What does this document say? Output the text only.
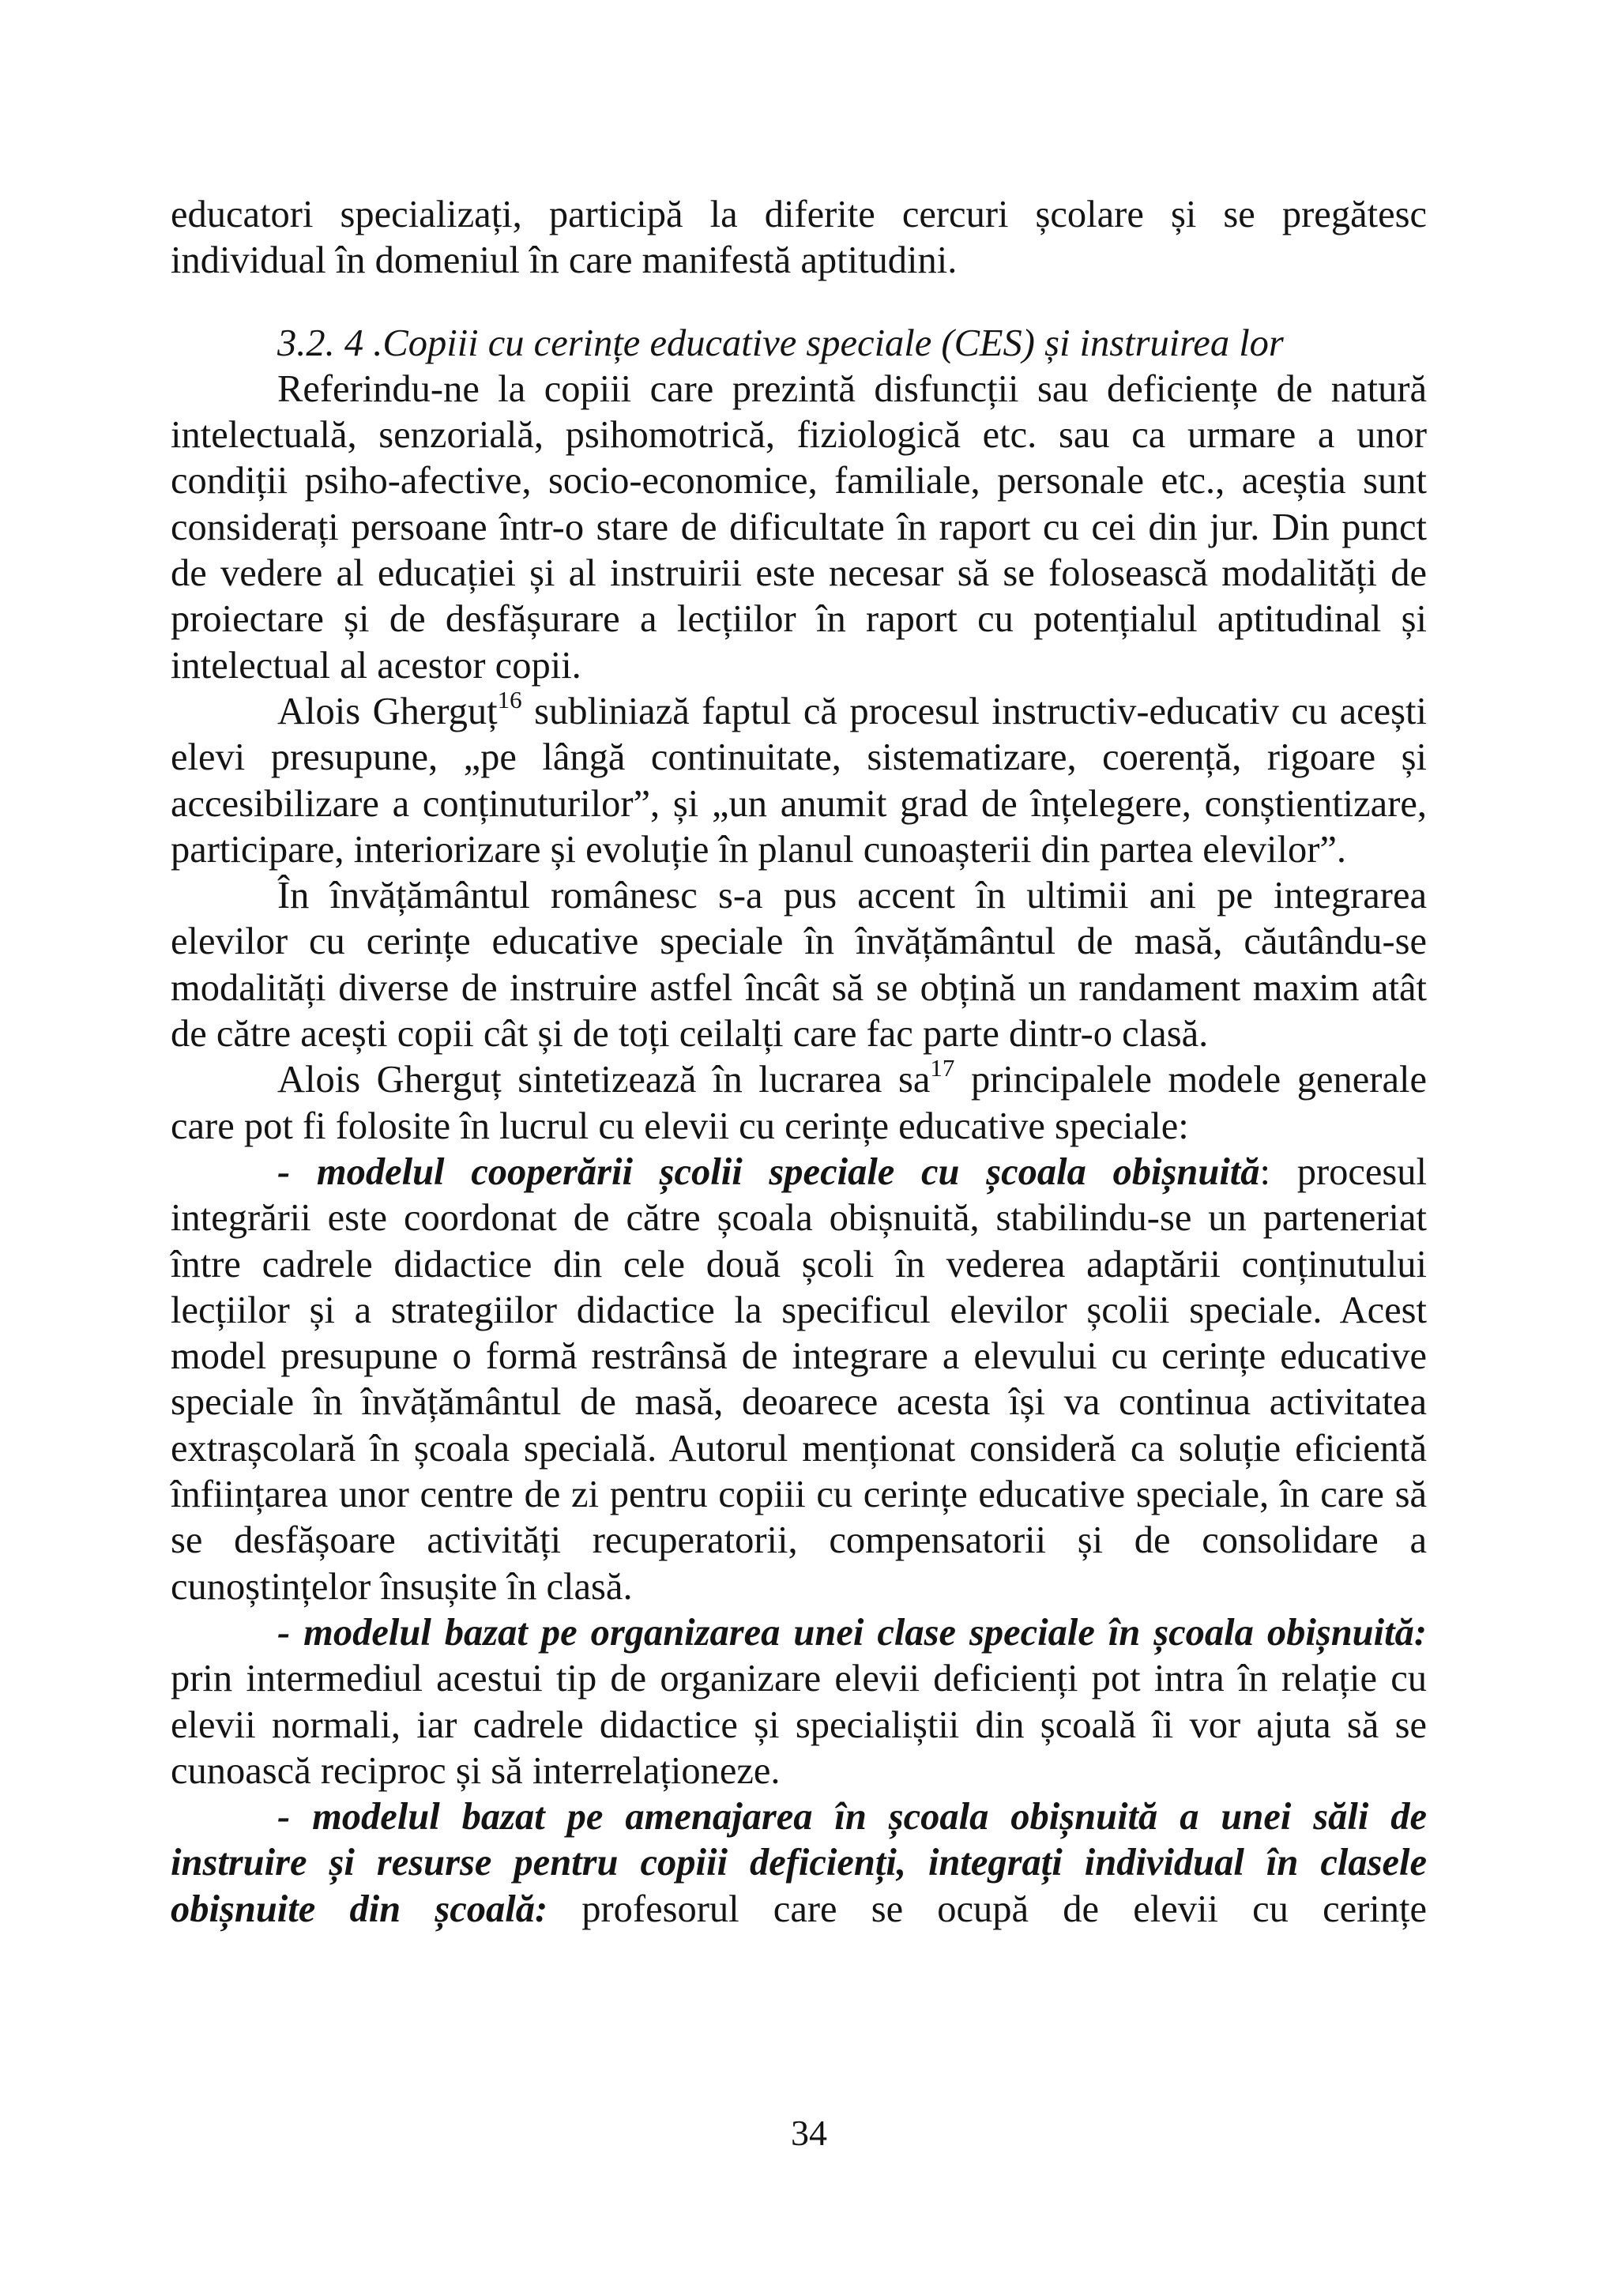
educatori specializați, participă la diferite cercuri școlare și se pregătesc individual în domeniul în care manifestă aptitudini.

3.2. 4 .Copiii cu cerințe educative speciale (CES) și instruirea lor

Referindu-ne la copiii care prezintă disfuncții sau deficiențe de natură intelectuală, senzorială, psihomotrică, fiziologică etc. sau ca urmare a unor condiții psiho-afective, socio-economice, familiale, personale etc., aceștia sunt considerați persoane într-o stare de dificultate în raport cu cei din jur. Din punct de vedere al educației și al instruirii este necesar să se folosească modalități de proiectare și de desfășurare a lecțiilor în raport cu potențialul aptitudinal și intelectual al acestor copii.

Alois Gherguț$^{16}$ subliniază faptul că procesul instructiv-educativ cu acești elevi presupune, „pe lângă continuitate, sistematizare, coerență, rigoare și accesibilizare a conținuturilor”, și „un anumit grad de înțelegere, conștientizare, participare, interiorizare și evoluție în planul cunoașterii din partea elevilor”.

În învățământul românesc s-a pus accent în ultimii ani pe integrarea elevilor cu cerințe educative speciale în învățământul de masă, căutându-se modalități diverse de instruire astfel încât să se obțină un randament maxim atât de către acești copii cât și de toți ceilalți care fac parte dintr-o clasă.

Alois Gherguț sintetizează în lucrarea $sa^{17}$ principalele modele generale care pot fi folosite în lucrul cu elevii cu cerințe educative speciale:

- modelul cooperării școlii speciale cu școala obișnuită: procesul integrării este coordonat de către școala obișnuită, stabilindu-se un parteneriat între cadrele didactice din cele două școli în vederea adaptării conținutului lecțiilor și a strategiilor didactice la specificul elevilor școlii speciale. Acest model presupune o formă restrânsă de integrare a elevului cu cerințe educative speciale în învățământul de masă, deoarece acesta își va continua activitatea extrașcolară în școala specială. Autorul menționat consideră ca soluție eficientă înființarea unor centre de zi pentru copiii cu cerințe educative speciale, în care să se desfășoare activități recuperatorii, compensatorii și de consolidare a cunoștințelor însușite în clasă.

- modelul bazat pe organizarea unei clase speciale în școala obișnuită: prin intermediul acestui tip de organizare elevii deficienți pot intra în relație cu elevii normali, iar cadrele didactice și specialiștii din școală îi vor ajuta să se cunoască reciproc și să interrelaționeze.

- modelul bazat pe amenajarea în școala obișnuită a unei săli de instruire și resurse pentru copiii deficienți, integrați individual în clasele obișnuite din școală: profesorul care se ocupă de elevii cu cerințe

34
